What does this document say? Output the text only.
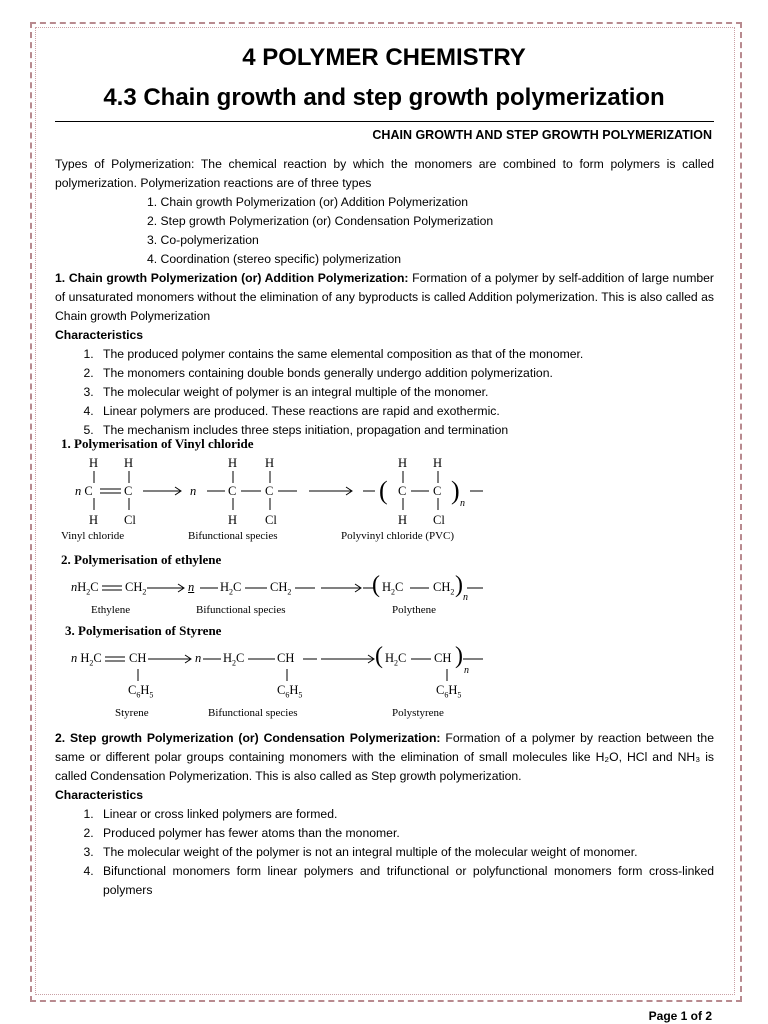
4 POLYMER CHEMISTRY
4.3 Chain growth and step growth polymerization
CHAIN GROWTH AND STEP GROWTH POLYMERIZATION

Types of Polymerization: The chemical reaction by which the monomers are combined to form polymers is called polymerization. Polymerization reactions are of three types

1. Chain growth Polymerization (or) Addition Polymerization
2. Step growth Polymerization (or) Condensation Polymerization
3. Co-polymerization
4. Coordination (stereo specific) polymerization

1. Chain growth Polymerization (or) Addition Polymerization: Formation of a polymer by self-addition of large number of unsaturated monomers without the elimination of any byproducts is called Addition polymerization. This is also called as Chain growth Polymerization

Characteristics
1. The produced polymer contains the same elemental composition as that of the monomer.
2. The monomers containing double bonds generally undergo addition polymerization.
3. The molecular weight of polymer is an integral multiple of the monomer.
4. Linear polymers are produced. These reactions are rapid and exothermic.
5. The mechanism includes three steps initiation, propagation and termination
1. Polymerisation of Vinyl chloride
H H
n C	C
H Cl
n
H H
C C
H Cl
(
H H
C C
H Cl
) n
Vinyl chloride	Bifunctional species	Polyvinyl chloride (PVC)
2. Polymerisation of ethylene
$nH_2C$ $CH_2$	n $H_2C$ $CH_2$	( $H_2C$ $CH_2$ ) n
Ethylene	Bifunctional species	Polythene
3. Polymerisation of Styrene
n $H_2C$ CH	n $H_2C$	CH	( $H_2C$ CH )
n
$C_6H_5$	$C_6H_5$	$C_6H_5$
Styrene	Bifunctional species	Polystyrene

2. Step growth Polymerization (or) Condensation Polymerization: Formation of a polymer by reaction between the same or different polar groups containing monomers with the elimination of small molecules like H₂O, HCl and NH₃ is called Condensation Polymerization. This is also called as Step growth polymerization.

Characteristics
1. Linear or cross linked polymers are formed.
2. Produced polymer has fewer atoms than the monomer.
3. The molecular weight of the polymer is not an integral multiple of the molecular weight of monomer.
4. Bifunctional monomers form linear polymers and trifunctional or polyfunctional monomers form cross-linked polymers
Page 1 of 2
